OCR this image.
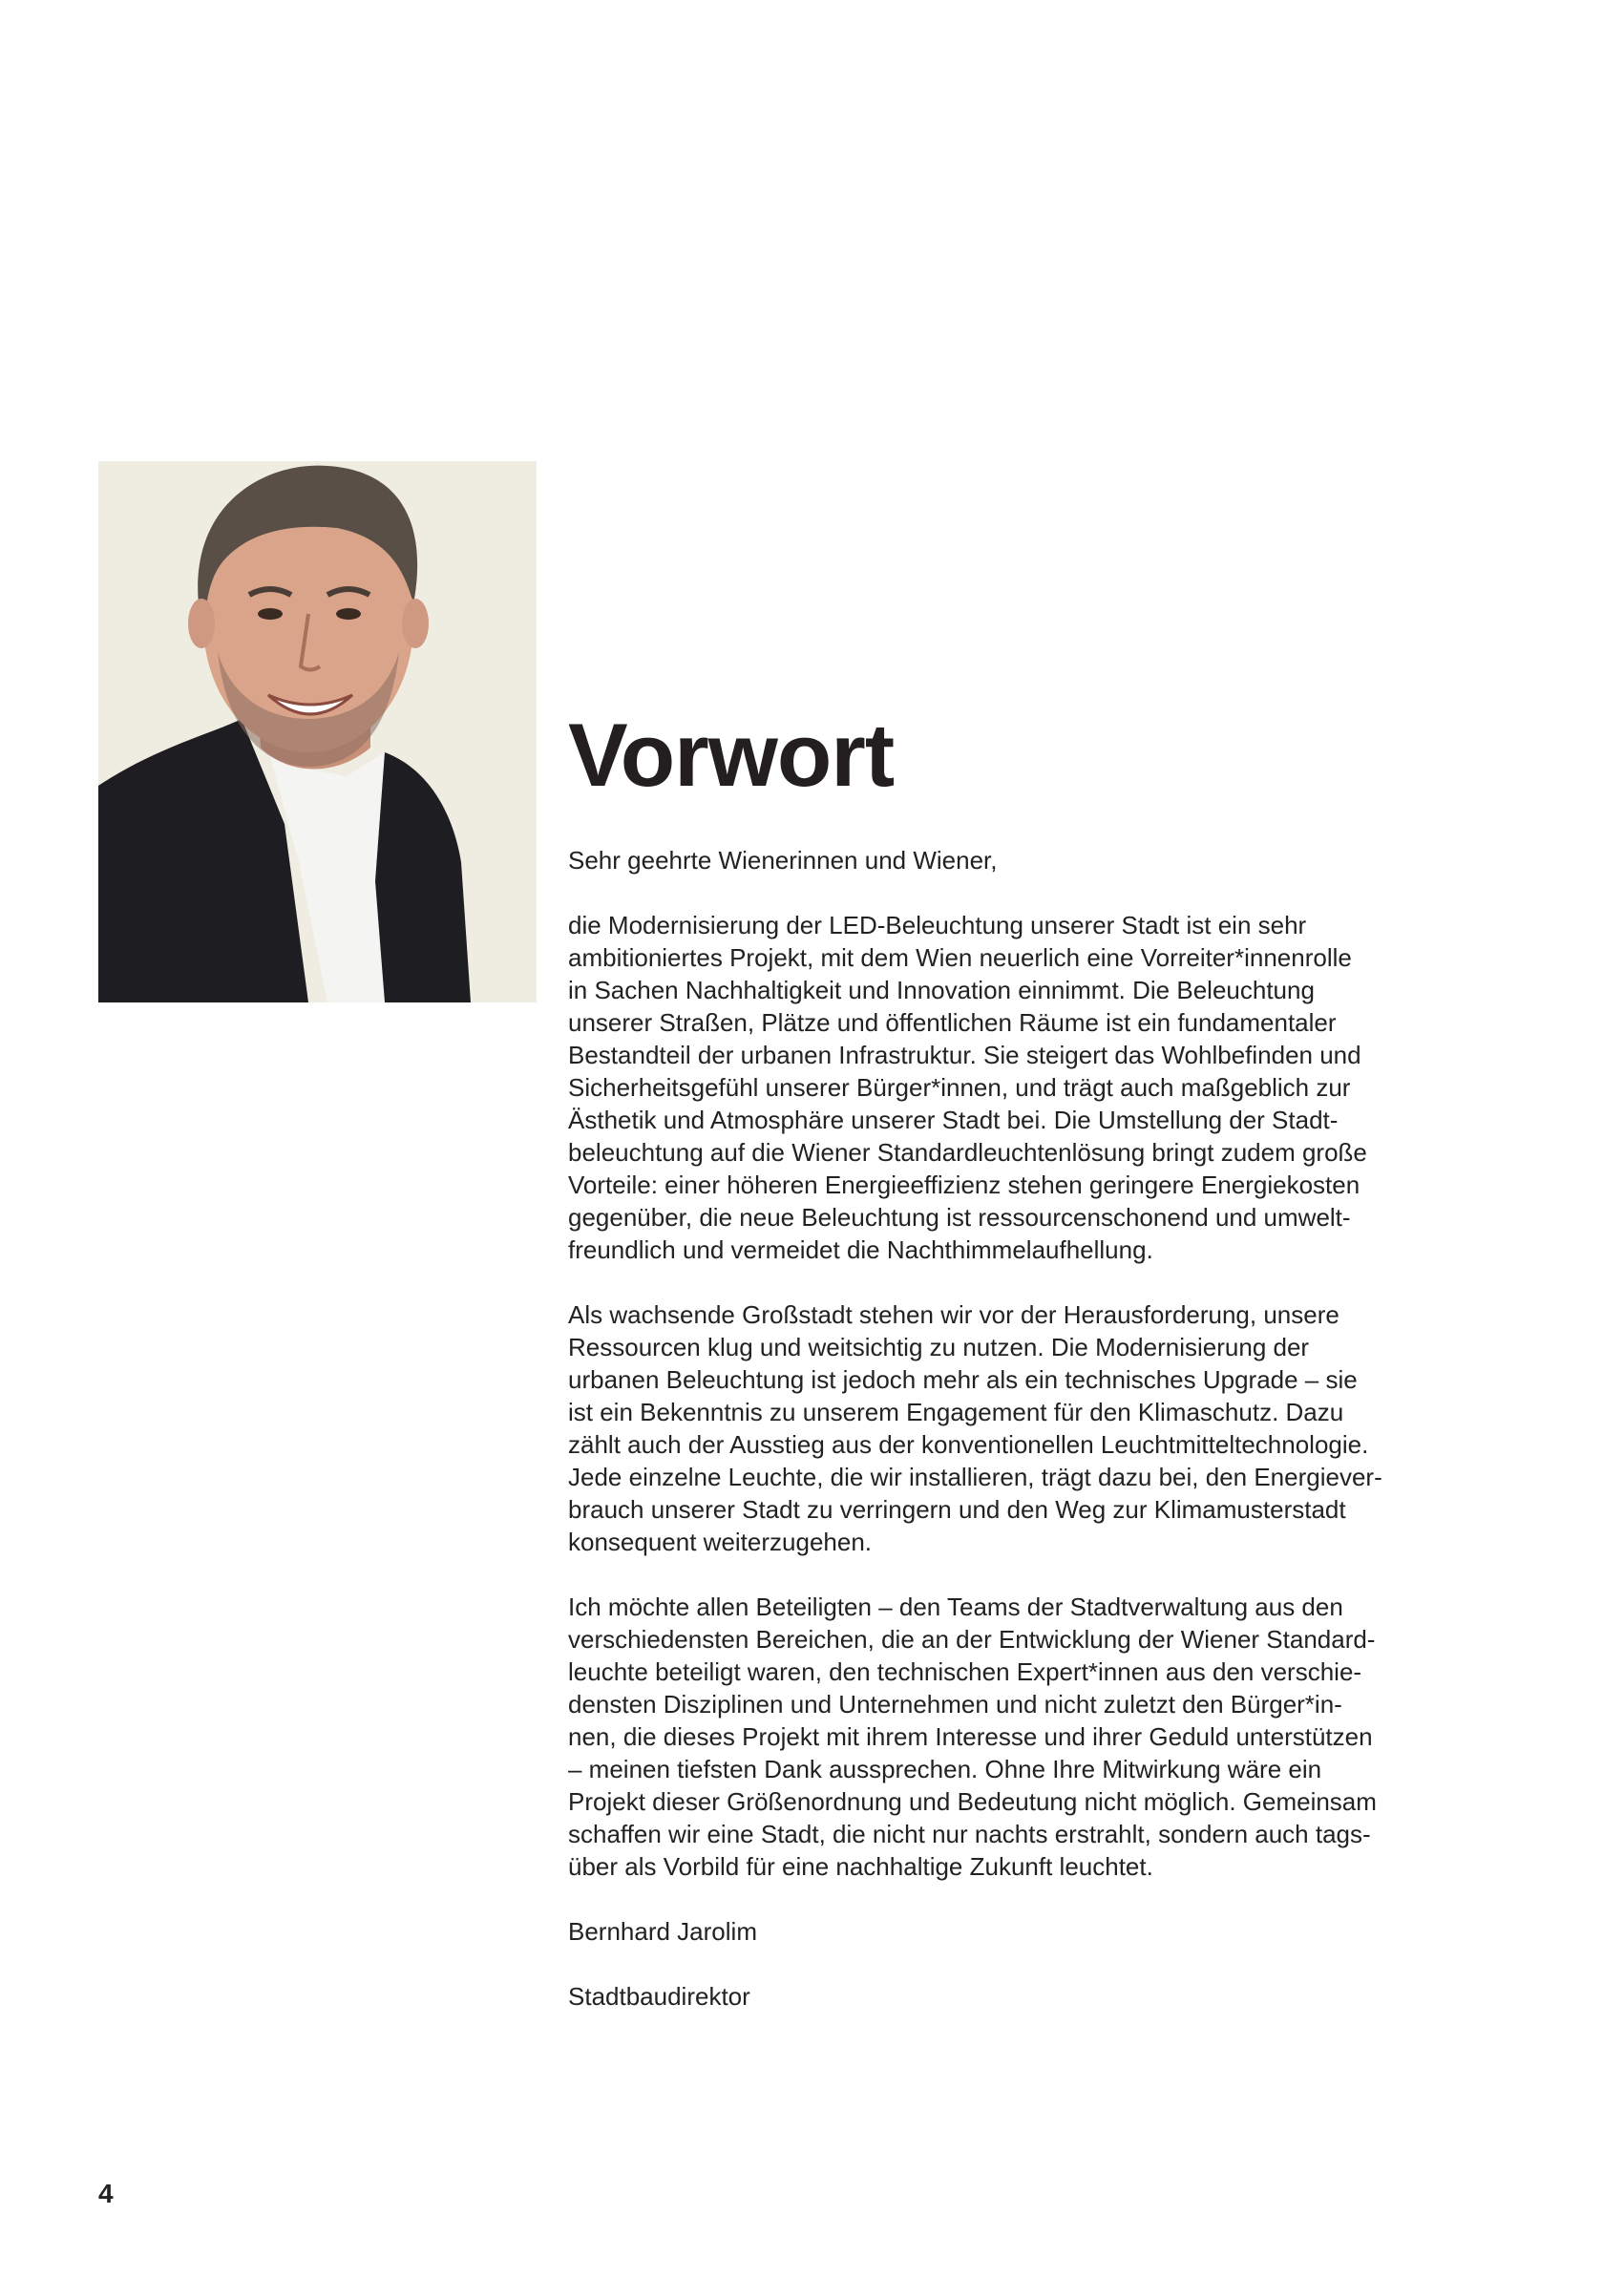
Vorwort

Sehr geehrte Wienerinnen und Wiener,

die Modernisierung der LED-Beleuchtung unserer Stadt ist ein sehr
ambitioniertes Projekt, mit dem Wien neuerlich eine Vorreiter*innenrolle
in Sachen Nachhaltigkeit und Innovation einnimmt. Die Beleuchtung
unserer Straßen, Plätze und öffentlichen Räume ist ein fundamentaler
Bestandteil der urbanen Infrastruktur. Sie steigert das Wohlbefinden und
Sicherheitsgefühl unserer Bürger*innen, und trägt auch maßgeblich zur
Ästhetik und Atmosphäre unserer Stadt bei. Die Umstellung der Stadt-
beleuchtung auf die Wiener Standardleuchtenlösung bringt zudem große
Vorteile: einer höheren Energieeffizienz stehen geringere Energiekosten
gegenüber, die neue Beleuchtung ist ressourcenschonend und umwelt-
freundlich und vermeidet die Nachthimmelaufhellung.

Als wachsende Großstadt stehen wir vor der Herausforderung, unsere
Ressourcen klug und weitsichtig zu nutzen. Die Modernisierung der
urbanen Beleuchtung ist jedoch mehr als ein technisches Upgrade – sie
ist ein Bekenntnis zu unserem Engagement für den Klimaschutz. Dazu
zählt auch der Ausstieg aus der konventionellen Leuchtmitteltechnologie.
Jede einzelne Leuchte, die wir installieren, trägt dazu bei, den Energiever-
brauch unserer Stadt zu verringern und den Weg zur Klimamusterstadt
konsequent weiterzugehen.

Ich möchte allen Beteiligten – den Teams der Stadtverwaltung aus den
verschiedensten Bereichen, die an der Entwicklung der Wiener Standard-
leuchte beteiligt waren, den technischen Expert*innen aus den verschie-
densten Disziplinen und Unternehmen und nicht zuletzt den Bürger*in-
nen, die dieses Projekt mit ihrem Interesse und ihrer Geduld unterstützen
– meinen tiefsten Dank aussprechen. Ohne Ihre Mitwirkung wäre ein
Projekt dieser Größenordnung und Bedeutung nicht möglich. Gemeinsam
schaffen wir eine Stadt, die nicht nur nachts erstrahlt, sondern auch tags-
über als Vorbild für eine nachhaltige Zukunft leuchtet.

Bernhard Jarolim

Stadtbaudirektor

4
